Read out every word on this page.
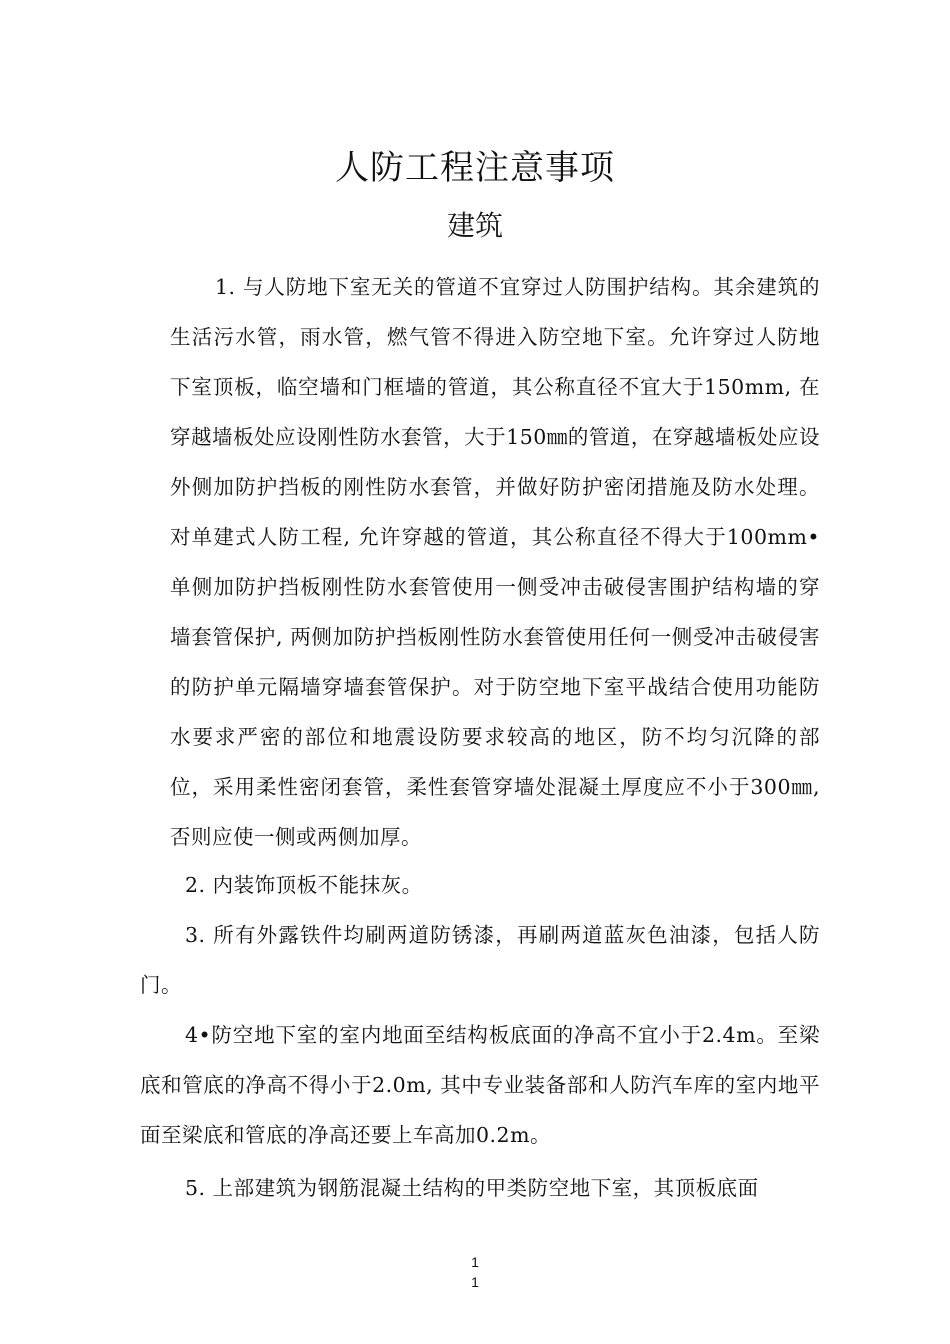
人防工程注意事项
建筑
1. 与人防地下室无关的管道不宜穿过人防围护结构。其余建筑的生活污水管，雨水管，燃气管不得进入防空地下室。允许穿过人防地下室顶板，临空墙和门框墙的管道，其公称直径不宜大于150mm, 在穿越墙板处应设刚性防水套管，大于150㎜的管道，在穿越墙板处应设外侧加防护挡板的刚性防水套管，并做好防护密闭措施及防水处理。对单建式人防工程, 允许穿越的管道，其公称直径不得大于100mm•单侧加防护挡板刚性防水套管使用一侧受冲击破侵害围护结构墙的穿墙套管保护, 两侧加防护挡板刚性防水套管使用任何一侧受冲击破侵害的防护单元隔墙穿墙套管保护。对于防空地下室平战结合使用功能防水要求严密的部位和地震设防要求较高的地区，防不均匀沉降的部位，采用柔性密闭套管，柔性套管穿墙处混凝土厚度应不小于300㎜, 否则应使一侧或两侧加厚。
2. 内装饰顶板不能抹灰。
3. 所有外露铁件均刷两道防锈漆，再刷两道蓝灰色油漆，包括人防门。
4•防空地下室的室内地面至结构板底面的净高不宜小于2.4m。至梁底和管底的净高不得小于2.0m, 其中专业装备部和人防汽车库的室内地平面至梁底和管底的净高还要上车高加0.2m。
5. 上部建筑为钢筋混凝土结构的甲类防空地下室，其顶板底面
1
1
